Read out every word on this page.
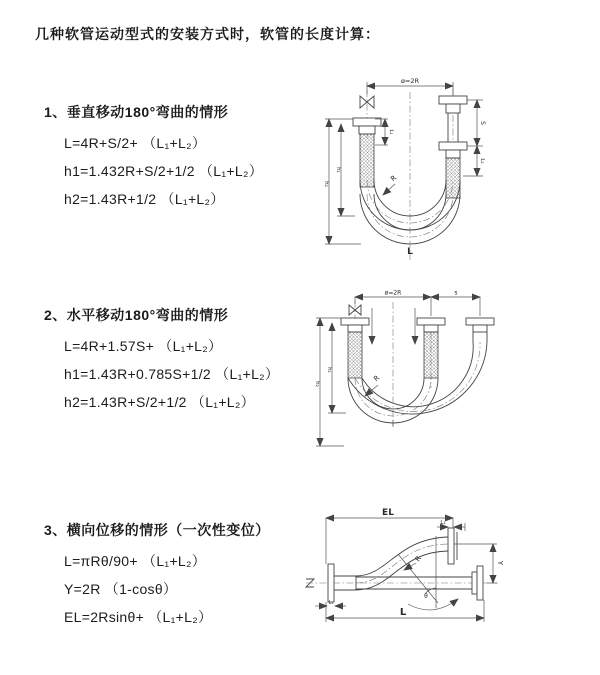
几种软管运动型式的安装方式时，软管的长度计算：
1、垂直移动180°弯曲的情形
L=4R+S/2+ （L₁+L₂）
h1=1.432R+S/2+1/2 （L₁+L₂）
h2=1.43R+1/2 （L₁+L₂）
2、水平移动180°弯曲的情形
L=4R+1.57S+ （L₁+L₂）
h1=1.43R+0.785S+1/2 （L₁+L₂）
h2=1.43R+S/2+1/2 （L₁+L₂）
3、横向位移的情形（一次性变位）
L=πRθ/90+ （L₁+L₂）
Y=2R （1-cosθ）
EL=2Rsinθ+ （L₁+L₂）
ø=2R
L₁
S
L₂
R
h₂
h₁
L
ø=2R	s
R
h₂
h₁
EL
L₁
Y
θ
R
L
L₁
